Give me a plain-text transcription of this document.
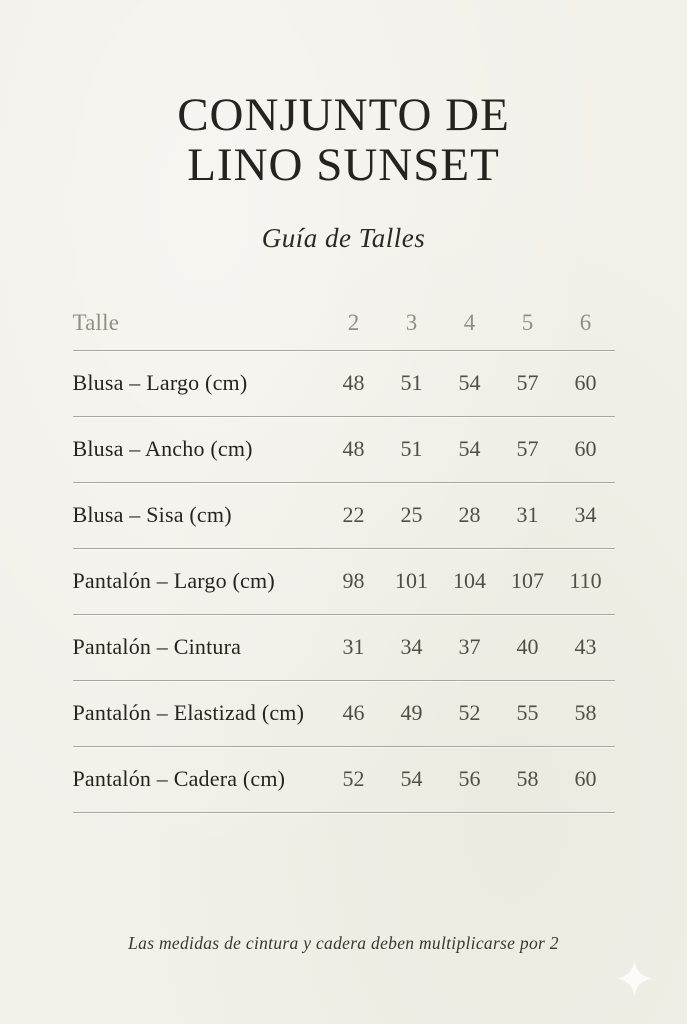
CONJUNTO DE LINO SUNSET
Guía de Talles
Talle	2	3	4	5	6
Blusa – Largo (cm)	48	51	54	57	60
Blusa – Ancho (cm)	48	51	54	57	60
Blusa – Sisa (cm)	22	25	28	31	34
Pantalón – Largo (cm)	98	101	104	107	110
Pantalón – Cintura	31	34	37	40	43
Pantalón – Elastizad (cm)	46	49	52	55	58
Pantalón – Cadera (cm)	52	54	56	58	60
Las medidas de cintura y cadera deben multiplicarse por 2
